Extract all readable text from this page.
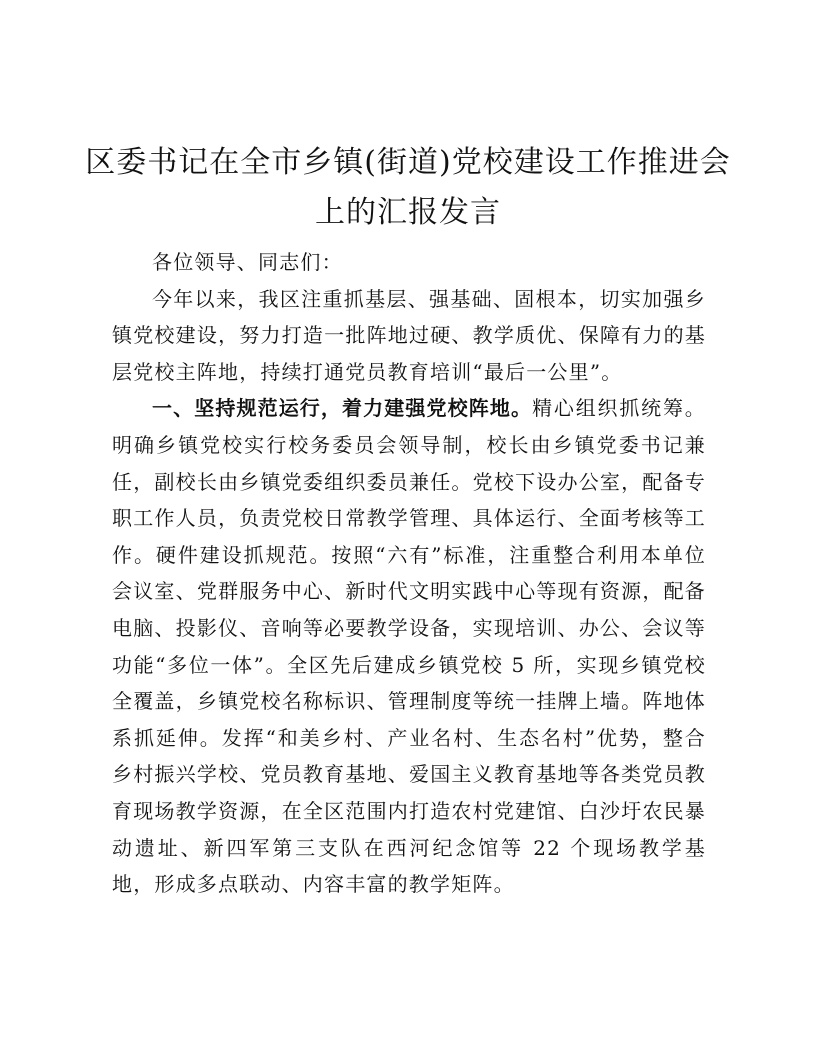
区委书记在全市乡镇(街道)党校建设工作推进会
上的汇报发言

各位领导、同志们：

今年以来，我区注重抓基层、强基础、固根本，切实加强乡镇党校建设，努力打造一批阵地过硬、教学质优、保障有力的基层党校主阵地，持续打通党员教育培训“最后一公里”。

一、坚持规范运行，着力建强党校阵地。精心组织抓统筹。明确乡镇党校实行校务委员会领导制，校长由乡镇党委书记兼任，副校长由乡镇党委组织委员兼任。党校下设办公室，配备专职工作人员，负责党校日常教学管理、具体运行、全面考核等工作。硬件建设抓规范。按照“六有”标准，注重整合利用本单位会议室、党群服务中心、新时代文明实践中心等现有资源，配备电脑、投影仪、音响等必要教学设备，实现培训、办公、会议等功能“多位一体”。全区先后建成乡镇党校 5 所，实现乡镇党校全覆盖，乡镇党校名称标识、管理制度等统一挂牌上墙。阵地体系抓延伸。发挥“和美乡村、产业名村、生态名村”优势，整合乡村振兴学校、党员教育基地、爱国主义教育基地等各类党员教育现场教学资源，在全区范围内打造农村党建馆、白沙圩农民暴动遗址、新四军第三支队在西河纪念馆等 22 个现场教学基地，形成多点联动、内容丰富的教学矩阵。
